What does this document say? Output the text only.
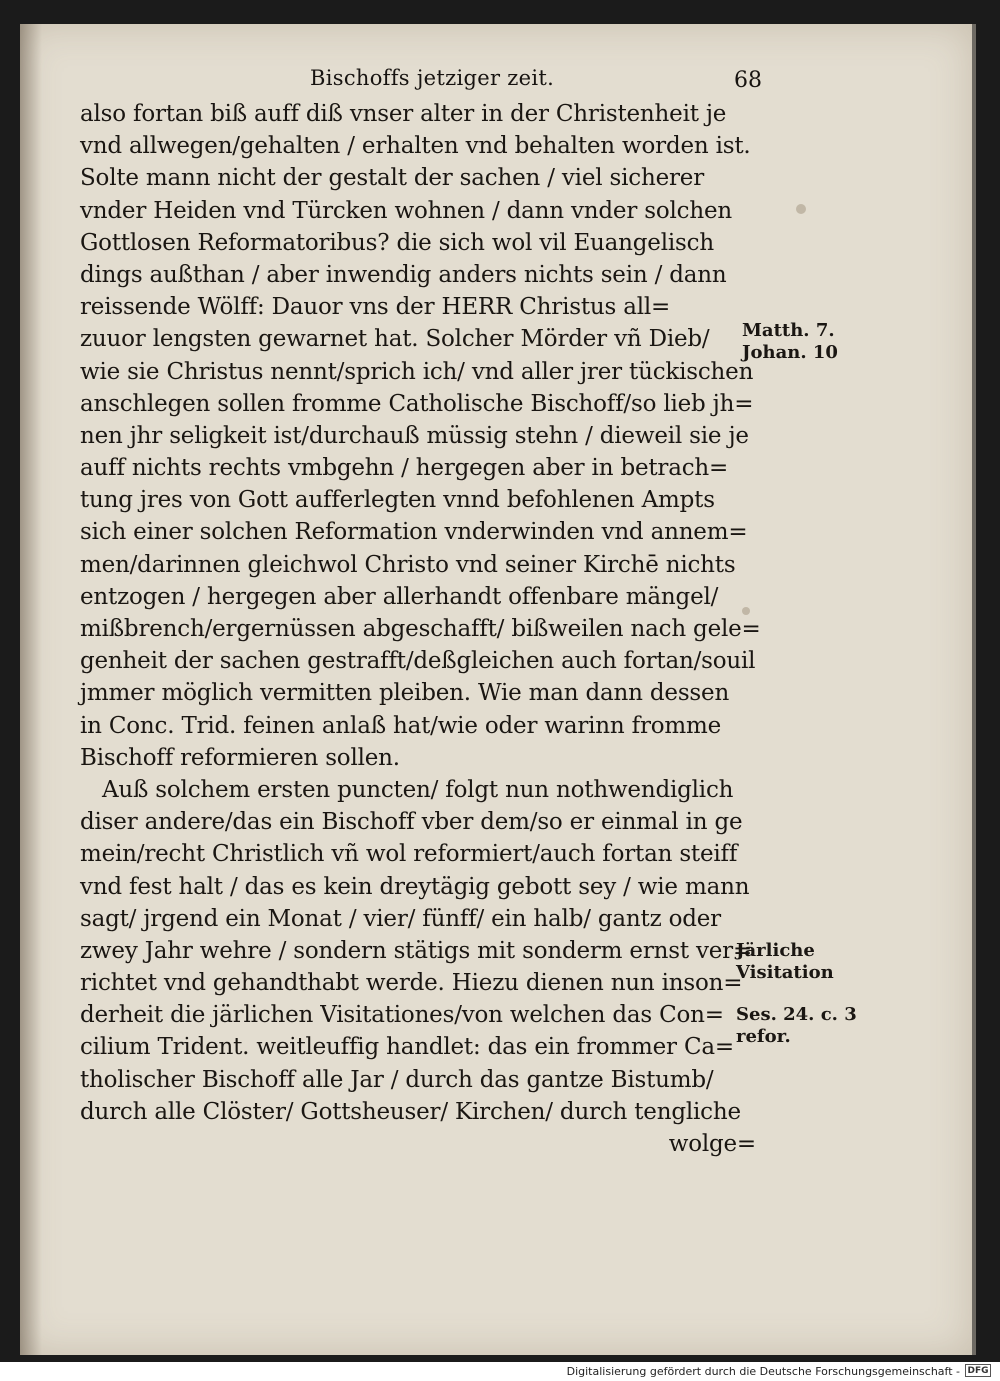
Bischoffs jetziger zeit.	68
also fortan biß auff diß vnser alter in der Christenheit je
vnd allwegen/gehalten / erhalten vnd behalten worden ist.
Solte mann nicht der gestalt der sachen / viel sicherer
vnder Heiden vnd Türcken wohnen / dann vnder solchen
Gottlosen Reformatoribus? die sich wol vil Euangelisch
dings außthan / aber inwendig anders nichts sein / dann
reissende Wölff: Dauor vns der HERR Christus all=
zuuor lengsten gewarnet hat. Solcher Mörder vñ Dieb/
wie sie Christus nennt/sprich ich/ vnd aller jrer tückischen
anschlegen sollen fromme Catholische Bischoff/so lieb jh=
nen jhr seligkeit ist/durchauß müssig stehn / dieweil sie je
auff nichts rechts vmbgehn / hergegen aber in betrach=
tung jres von Gott aufferlegten vnnd befohlenen Ampts
sich einer solchen Reformation vnderwinden vnd annem=
men/darinnen gleichwol Christo vnd seiner Kirchē nichts
entzogen / hergegen aber allerhandt offenbare mängel/
mißbrench/ergernüssen abgeschafft/ bißweilen nach gele=
genheit der sachen gestrafft/deßgleichen auch fortan/souil
jmmer möglich vermitten pleiben. Wie man dann dessen
in Conc. Trid. feinen anlaß hat/wie oder warinn fromme
Bischoff reformieren sollen.
Auß solchem ersten puncten/ folgt nun nothwendiglich
diser andere/das ein Bischoff vber dem/so er einmal in ge
mein/recht Christlich vñ wol reformiert/auch fortan steiff
vnd fest halt / das es kein dreytägig gebott sey / wie mann
sagt/ jrgend ein Monat / vier/ fünff/ ein halb/ gantz oder
zwey Jahr wehre / sondern stätigs mit sonderm ernst ver=
richtet vnd gehandthabt werde. Hiezu dienen nun inson=
derheit die järlichen Visitationes/von welchen das Con=
cilium Trident. weitleuffig handlet: das ein frommer Ca=
tholischer Bischoff alle Jar / durch das gantze Bistumb/
durch alle Clöster/ Gottsheuser/ Kirchen/ durch tengliche
wolge=
Matth. 7.
Johan. 10
Järliche
Visitation
Ses. 24. c. 3
refor.
Digitalisierung gefördert durch die Deutsche Forschungsgemeinschaft - DFG
